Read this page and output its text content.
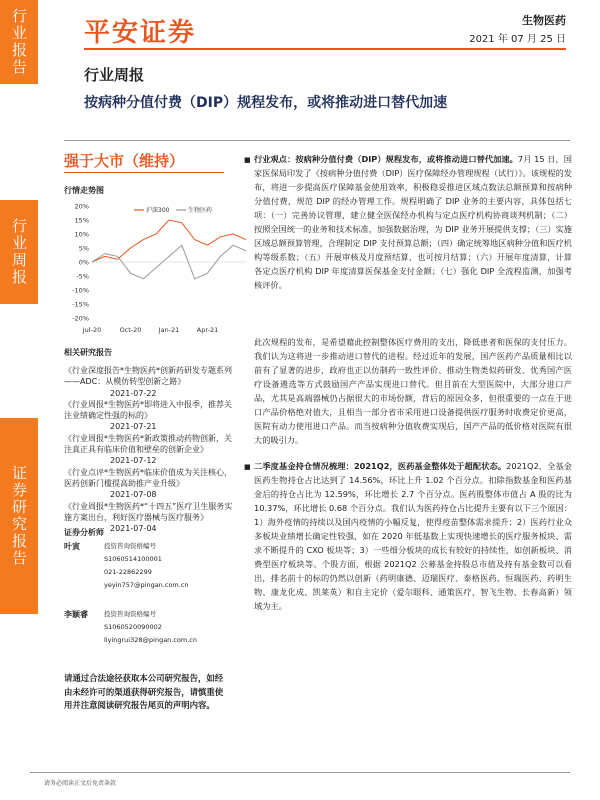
行业报告
行业周报
证券研究报告
平安证券	生物医药
2021 年 07 月 25 日
行业周报
按病种分值付费（DIP）规程发布，或将推动进口替代加速
强于大市（维持）
行情走势图
20%
15%
10%
5%
0%
-5%
-10%
-15%
-20%
Jul-20	Oct-20	Jan-21	Apr-21
沪深300	生物医药
相关研究报告
《行业深度报告*生物医药*创新药研发专题系列——ADC：从模仿转型创新之路》
2021-07-22
《行业周报*生物医药*即将进入中报季，推荐关注业绩确定性强的标的》
2021-07-21
《行业周报*生物医药*新政策推动药物创新，关注真正具有临床价值和壁垒的创新企业》
2021-07-12
《行业点评*生物医药*临床价值成为关注核心，医药创新门槛提高助推产业升级》
2021-07-08
《行业周报*生物医药*“十四五”医疗卫生服务实施方案出台，利好医疗器械与医疗服务》
2021-07-04
证券分析师
叶寅	投资咨询资格编号
S1060514100001
021-22862299
yeyin757@pingan.com.cn
李颖睿 投资咨询资格编号
S1060520090002
liyingrui328@pingan.com.cn
请通过合法途径获取本公司研究报告，如经由未经许可的渠道获得研究报告，请慎重使用并注意阅读研究报告尾页的声明内容。
■ 行业观点：按病种分值付费（DIP）规程发布，或将推动进口替代加速。7月 15 日，国家医保局印发了《按病种分值付费（DIP）医疗保障经办管理规程（试行）》。该规程的发布，将进一步提高医疗保障基金使用效率，积极稳妥推进区域点数法总额预算和按病种分值付费，规范 DIP 的经办管理工作。规程明确了 DIP 业务的主要内容，具体包括七项：（一）完善协议管理，建立健全医保经办机构与定点医疗机构协商谈判机制；（二）按照全国统一的业务和技术标准，加强数据治理，为 DIP 业务开展提供支撑；（三）实施区域总额预算管理，合理制定 DIP 支付预算总额；（四）确定统筹地区病种分值和医疗机构等级系数；（五）开展审核及月度预结算，也可按月结算；（六）开展年度清算，计算各定点医疗机构 DIP 年度清算医保基金支付金额；（七）强化 DIP 全流程监测，加强考核评价。
此次规程的发布，是希望藉此控制整体医疗费用的支出，降低患者和医保的支付压力。我们认为这将进一步推动进口替代的进程。经过近年的发展，国产医药产品质量相比以前有了显著的进步，政府也正以仿制药一致性评价、推动生物类似药研发、优秀国产医疗设备遴选等方式鼓励国产产品实现进口替代。但目前在大型医院中，大部分进口产品，尤其是高端器械仍占据很大的市场份额，背后的原因众多，但很重要的一点在于进口产品价格绝对值大，且相当一部分省市采用进口设备提供医疗服务时收费定价更高，医院有动力使用进口产品。而当按病种分值收费实现后，国产产品的低价格对医院有很大的吸引力。
■ 二季度基金持仓情况梳理：2021Q2，医药基金整体处于超配状态。2021Q2，全基金医药生物持仓占比达到了 14.56%，环比上升 1.02 个百分点。扣除指数基金和医药基金后的持仓占比为 12.59%，环比增长 2.7 个百分点。医药股整体市值占 A 股的比为 10.37%，环比增长 0.68 个百分点。我们认为医药持仓占比提升主要有以下三个原因：1）海外疫情的持续以及国内疫情的小幅反复，使得疫苗整体需求提升；2）医药行业众多板块业绩增长确定性较强，如在 2020 年低基数上实现快速增长的医疗服务板块、需求不断提升的 CXO 板块等；3）一些细分板块的成长有较好的持续性，如创新板块、消费型医疗板块等。个股方面，根据 2021Q2 公募基金持股总市值及持有基金数可以看出，排名前十的标的仍然以创新（药明康德、迈瑞医疗、泰格医药、恒瑞医药、药明生物、康龙化成、凯莱英）和自主定价（爱尔眼科、通策医疗、智飞生物、长春高新）领域为主。
请务必阅读正文后免责条款
